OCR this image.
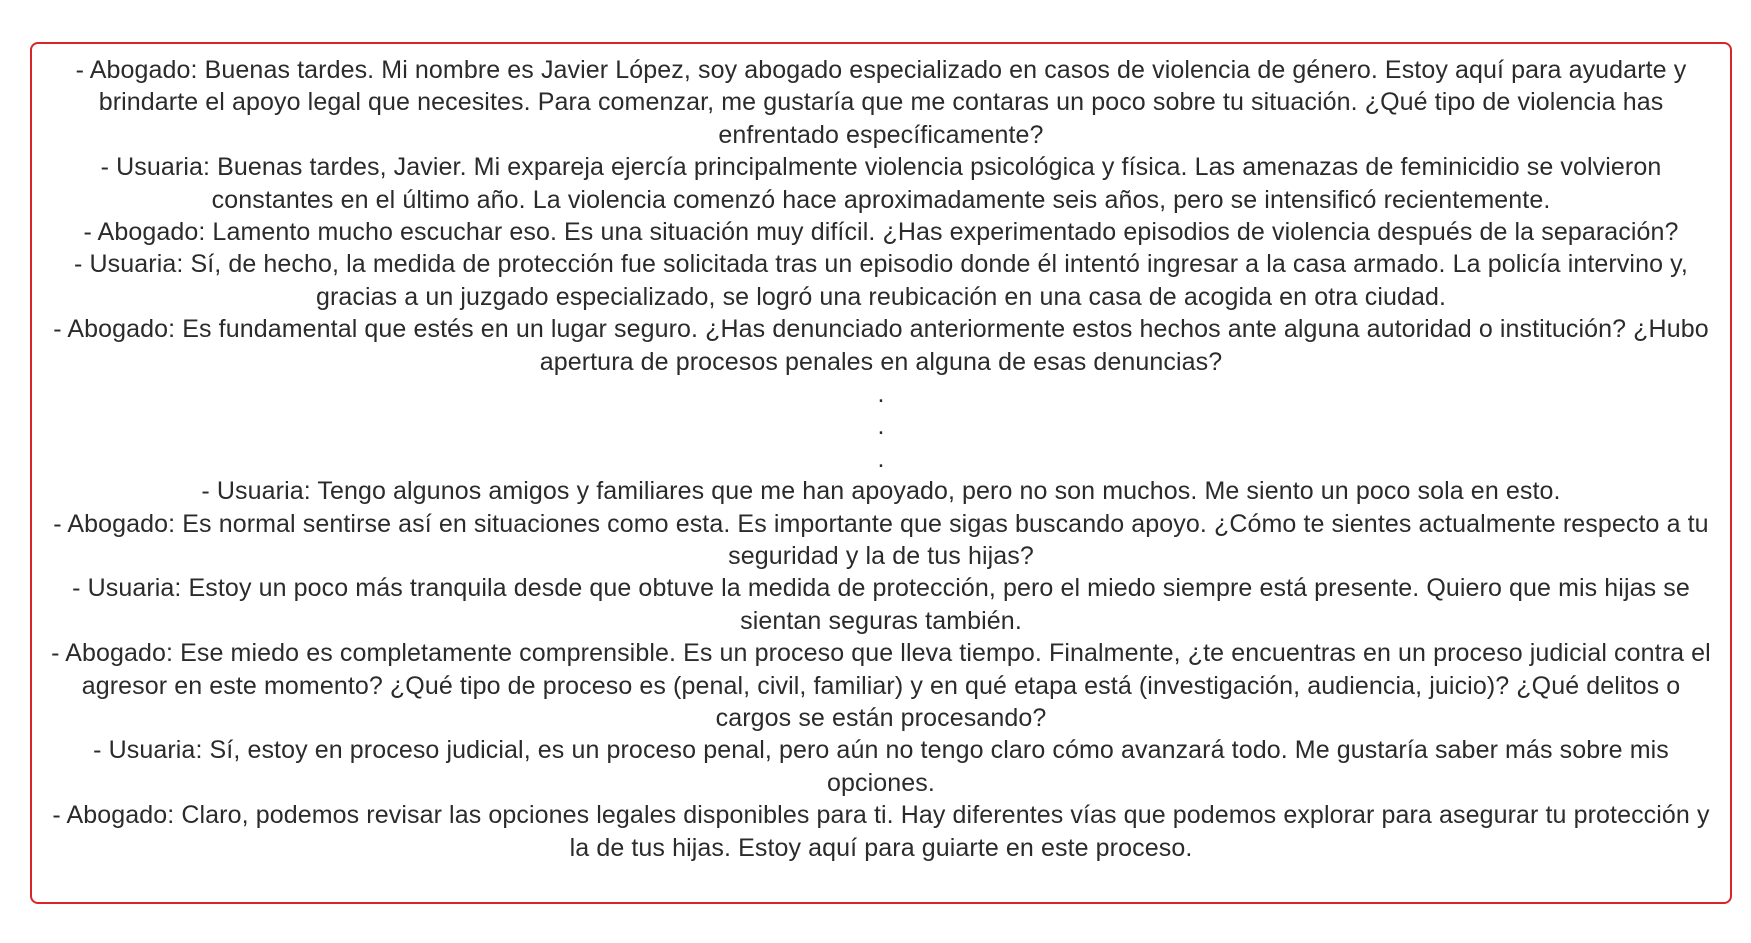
- Abogado: Buenas tardes. Mi nombre es Javier López, soy abogado especializado en casos de violencia de género. Estoy aquí para ayudarte y brindarte el apoyo legal que necesites. Para comenzar, me gustaría que me contaras un poco sobre tu situación. ¿Qué tipo de violencia has enfrentado específicamente?

- Usuaria: Buenas tardes, Javier. Mi expareja ejercía principalmente violencia psicológica y física. Las amenazas de feminicidio se volvieron constantes en el último año. La violencia comenzó hace aproximadamente seis años, pero se intensificó recientemente.

- Abogado: Lamento mucho escuchar eso. Es una situación muy difícil. ¿Has experimentado episodios de violencia después de la separación?

- Usuaria: Sí, de hecho, la medida de protección fue solicitada tras un episodio donde él intentó ingresar a la casa armado. La policía intervino y, gracias a un juzgado especializado, se logró una reubicación en una casa de acogida en otra ciudad.

- Abogado: Es fundamental que estés en un lugar seguro. ¿Has denunciado anteriormente estos hechos ante alguna autoridad o institución? ¿Hubo apertura de procesos penales en alguna de esas denuncias?

.
.
.

- Usuaria: Tengo algunos amigos y familiares que me han apoyado, pero no son muchos. Me siento un poco sola en esto.

- Abogado: Es normal sentirse así en situaciones como esta. Es importante que sigas buscando apoyo. ¿Cómo te sientes actualmente respecto a tu seguridad y la de tus hijas?

- Usuaria: Estoy un poco más tranquila desde que obtuve la medida de protección, pero el miedo siempre está presente. Quiero que mis hijas se sientan seguras también.

- Abogado: Ese miedo es completamente comprensible. Es un proceso que lleva tiempo. Finalmente, ¿te encuentras en un proceso judicial contra el agresor en este momento? ¿Qué tipo de proceso es (penal, civil, familiar) y en qué etapa está (investigación, audiencia, juicio)? ¿Qué delitos o cargos se están procesando?

- Usuaria: Sí, estoy en proceso judicial, es un proceso penal, pero aún no tengo claro cómo avanzará todo. Me gustaría saber más sobre mis opciones.

- Abogado: Claro, podemos revisar las opciones legales disponibles para ti. Hay diferentes vías que podemos explorar para asegurar tu protección y la de tus hijas. Estoy aquí para guiarte en este proceso.
